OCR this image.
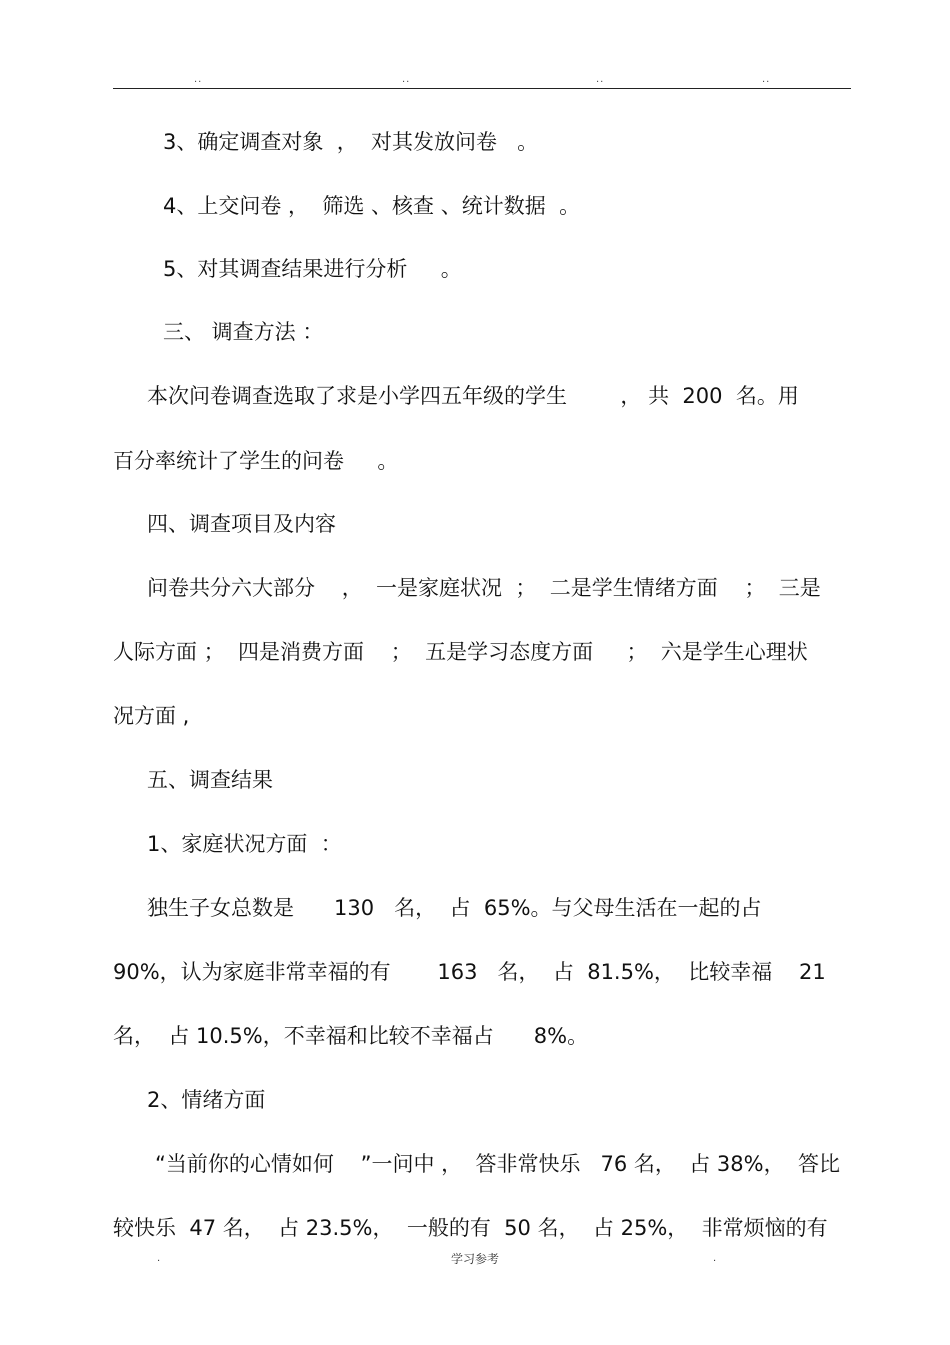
..	..	..	..
3、确定调查对象  ，  对其发放问卷   。
4、上交问卷 ，  筛选 、核查 、统计数据  。
5、对其调查结果进行分析     。
三、 调查方法 ：
本次问卷调查选取了求是小学四五年级的学生        ， 共  200  名。用
百分率统计了学生的问卷     。
四、调查项目及内容
问卷共分六大部分    ，  一是家庭状况  ；  二是学生情绪方面    ；  三是
人际方面 ；  四是消费方面    ；  五是学习态度方面     ；  六是学生心理状
况方面 ,
五、调查结果
1、家庭状况方面  ：
独生子女总数是      130   名，  占  65%。与父母生活在一起的占
90%，认为家庭非常幸福的有       163   名，  占  81.5%，  比较幸福    21
名，  占 10.5%，不幸福和比较不幸福占      8%。
2、情绪方面
“当前你的心情如何    ”一问中 ，  答非常快乐   76 名，  占 38%，  答比
较快乐  47 名，  占 23.5%，  一般的有  50 名，  占 25%，  非常烦恼的有
.	学习参考	.
